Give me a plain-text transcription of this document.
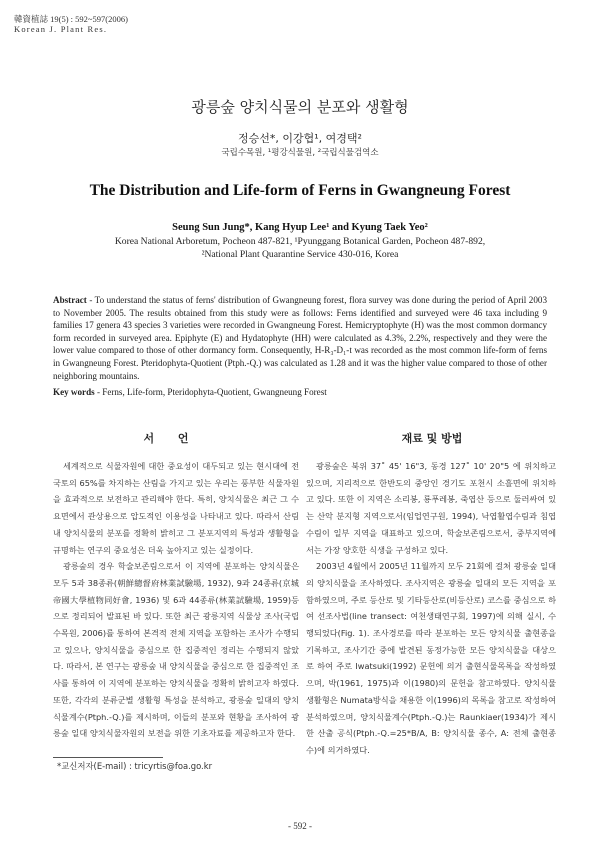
韓資植誌 19(5) : 592~597(2006)
Korean J. Plant Res.
광릉숲 양치식물의 분포와 생활형
정승선*, 이강협¹, 여경택²
국립수목원, ¹평강식물원, ²국립식물검역소
The Distribution and Life-form of Ferns in Gwangneung Forest
Seung Sun Jung*, Kang Hyup Lee¹ and Kyung Taek Yeo²
Korea National Arboretum, Pocheon 487-821, ¹Pyunggang Botanical Garden, Pocheon 487-892,
²National Plant Quarantine Service 430-016, Korea
Abstract - To understand the status of ferns' distribution of Gwangneung forest, flora survey was done during the period of April 2003 to November 2005. The results obtained from this study were as follows: Ferns identified and surveyed were 46 taxa including 9 families 17 genera 43 species 3 varieties were recorded in Gwangneung Forest. Hemicryptophyte (H) was the most common dormancy form recorded in surveyed area. Epiphyte (E) and Hydatophyte (HH) were calculated as 4.3%, 2.2%, respectively and they were the lower value compared to those of other dormancy form. Consequently, H-R₃-D₁-t was recorded as the most common life-form of ferns in Gwangneung Forest. Pteridophyta-Quotient (Ptph.-Q.) was calculated as 1.28 and it was the higher value compared to those of other neighboring mountains.
Key words - Ferns, Life-form, Pteridophyta-Quotient, Gwangneung Forest
서 언	재료 및 방법

세계적으로 식물자원에 대한 중요성이 대두되고 있는 현시대에 전국토의 65%를 차지하는 산림을 가지고 있는 우리는 풍부한 식물자원을 효과적으로 보전하고 관리해야 한다. 특히, 양치식물은 최근 그 수요면에서 관상용으로 압도적인 이용성을 나타내고 있다. 따라서 산림 내 양치식물의 분포를 정확히 밝히고 그 분포지역의 특성과 생활형을 규명하는 연구의 중요성은 더욱 높아지고 있는 실정이다.

광릉숲의 경우 학술보존림으로서 이 지역에 분포하는 양치식물은 모두 5과 38종류(朝鮮總督府林業試驗場, 1932), 9과 24종류(京城帝國大學植物同好會, 1936) 및 6과 44종류(林業試驗場, 1959)등으로 정리되어 발표된 바 있다. 또한 최근 광릉지역 식물상 조사(국립수목원, 2006)를 통하여 본격적 전체 지역을 포함하는 조사가 수행되고 있으나, 양치식물을 중심으로 한 집중적인 정리는 수행되지 않았다. 따라서, 본 연구는 광릉숲 내 양치식물을 중심으로 한 집중적인 조사를 통하여 이 지역에 분포하는 양치식물을 정확히 밝히고자 하였다. 또한, 각각의 분류군별 생활형 특성을 분석하고, 광릉숲 일대의 양치식물계수(Ptph.-Q.)를 제시하며, 이들의 분포와 현황을 조사하여 광릉숲 일대 양치식물자원의 보전을 위한 기초자료를 제공하고자 한다.

광릉숲은 북위 37˚ 45' 16"3, 동경 127˚ 10' 20"5 에 위치하고 있으며, 지리적으로 한반도의 중앙인 경기도 포천시 소흘면에 위치하고 있다. 또한 이 지역은 소리봉, 룡푸레봉, 죽엽산 등으로 둘러싸여 있는 산악 분지형 지역으로서(임업연구원, 1994), 낙엽활엽수림과 침엽수림이 일부 지역을 대표하고 있으며, 학술보존림으로서, 중부지역에서는 가장 양호한 식생을 구성하고 있다.

2003년 4월에서 2005년 11월까지 모두 21회에 걸쳐 광릉숲 일대의 양치식물을 조사하였다. 조사지역은 광릉숲 일대의 모든 지역을 포함하였으며, 주로 등산로 및 기타등산로(비등산로) 코스를 중심으로 하여 선조사법(line transect: 여천생태연구회, 1997)에 의해 실시, 수행되었다(Fig. 1). 조사경로를 따라 분포하는 모든 양치식물 출현종을 기록하고, 조사기간 중에 발견된 동정가능한 모든 양치식물을 대상으로 하여 주로 Iwatsuki(1992) 문헌에 의거 출현식물목록을 작성하였으며, 박(1961, 1975)과 이(1980)의 문헌을 참고하였다. 양치식물 생활형은 Numata방식을 채용한 이(1996)의 목록을 참고로 작성하여 분석하였으며, 양치식물계수(Ptph.-Q.)는 Raunkiaer(1934)가 제시한 산출 공식(Ptph.-Q.=25*B/A, B: 양치식물 종수, A: 전체 출현종수)에 의거하였다.

*교신저자(E-mail) : tricyrtis@foa.go.kr
- 592 -
